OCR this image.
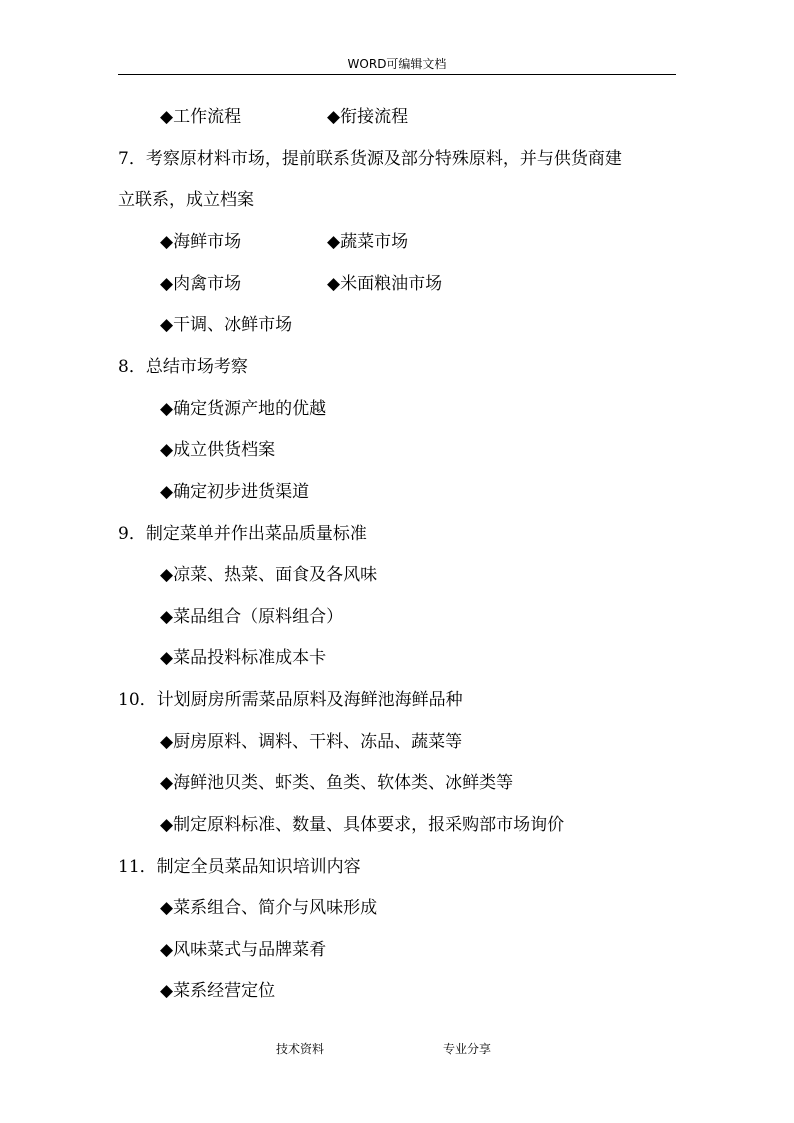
WORD可编辑文档
◆工作流程	◆衔接流程
7．考察原材料市场，提前联系货源及部分特殊原料，并与供货商建
立联系，成立档案
◆海鲜市场	◆蔬菜市场
◆肉禽市场	◆米面粮油市场
◆干调、冰鲜市场
8．总结市场考察
◆确定货源产地的优越
◆成立供货档案
◆确定初步进货渠道
9．制定菜单并作出菜品质量标准
◆凉菜、热菜、面食及各风味
◆菜品组合（原料组合）
◆菜品投料标准成本卡
10．计划厨房所需菜品原料及海鲜池海鲜品种
◆厨房原料、调料、干料、冻品、蔬菜等
◆海鲜池贝类、虾类、鱼类、软体类、冰鲜类等
◆制定原料标准、数量、具体要求，报采购部市场询价
11．制定全员菜品知识培训内容
◆菜系组合、简介与风味形成
◆风味菜式与品牌菜肴
◆菜系经营定位
技术资料	专业分享
